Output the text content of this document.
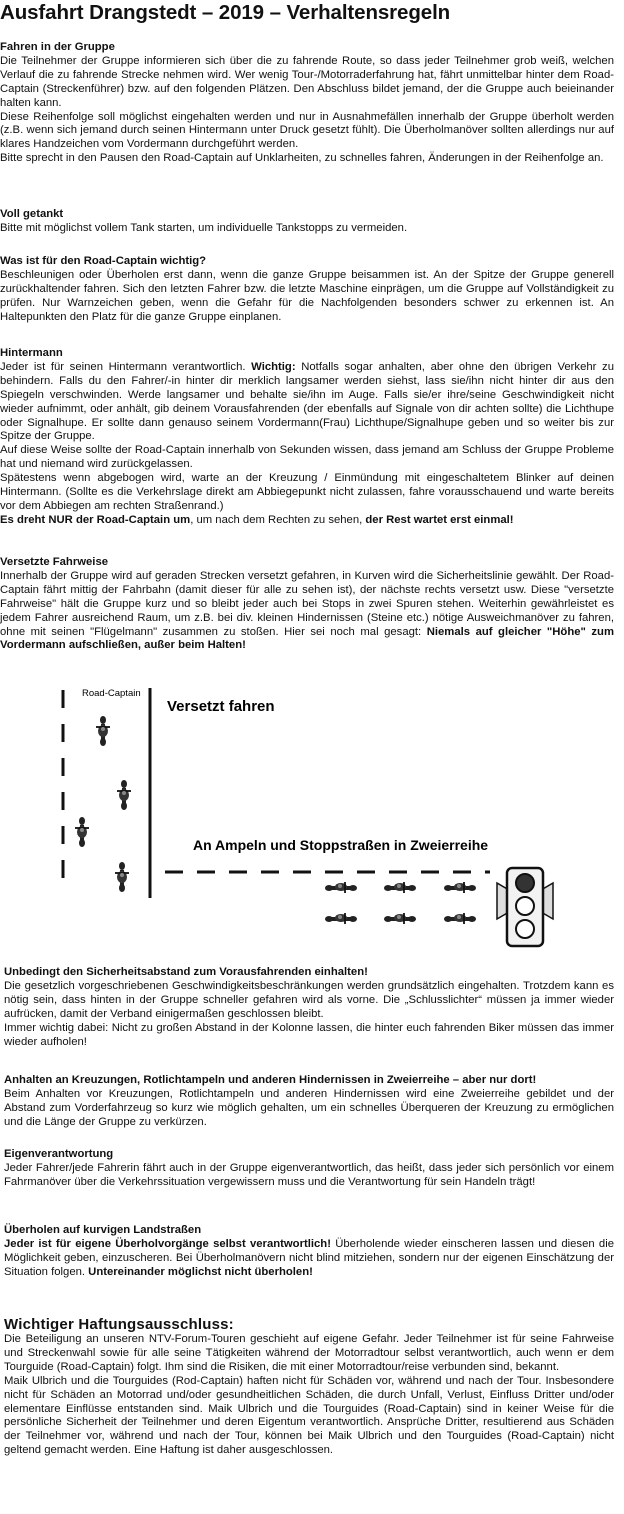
Ausfahrt Drangstedt – 2019 – Verhaltensregeln
Fahren in der Gruppe

Die Teilnehmer der Gruppe informieren sich über die zu fahrende Route, so dass jeder Teilnehmer grob weiß, welchen Verlauf die zu fahrende Strecke nehmen wird. Wer wenig Tour-/Motorraderfahrung hat, fährt unmittelbar hinter dem Road-Captain (Streckenführer) bzw. auf den folgenden Plätzen. Den Abschluss bildet jemand, der die Gruppe auch beieinander halten kann.

Diese Reihenfolge soll möglichst eingehalten werden und nur in Ausnahmefällen innerhalb der Gruppe überholt werden (z.B. wenn sich jemand durch seinen Hintermann unter Druck gesetzt fühlt). Die Überholmanöver sollten allerdings nur auf klares Handzeichen vom Vordermann durchgeführt werden.

Bitte sprecht in den Pausen den Road-Captain auf Unklarheiten, zu schnelles fahren, Änderungen in der Reihenfolge an.

Voll getankt

Bitte mit möglichst vollem Tank starten, um individuelle Tankstopps zu vermeiden.

Was ist für den Road-Captain wichtig?

Beschleunigen oder Überholen erst dann, wenn die ganze Gruppe beisammen ist. An der Spitze der Gruppe generell zurückhaltender fahren. Sich den letzten Fahrer bzw. die letzte Maschine einprägen, um die Gruppe auf Vollständigkeit zu prüfen. Nur Warnzeichen geben, wenn die Gefahr für die Nachfolgenden besonders schwer zu erkennen ist. An Haltepunkten den Platz für die ganze Gruppe einplanen.

Hintermann

Jeder ist für seinen Hintermann verantwortlich. Wichtig: Notfalls sogar anhalten, aber ohne den übrigen Verkehr zu behindern. Falls du den Fahrer/-in hinter dir merklich langsamer werden siehst, lass sie/ihn nicht hinter dir aus den Spiegeln verschwinden. Werde langsamer und behalte sie/ihn im Auge. Falls sie/er ihre/seine Geschwindigkeit nicht wieder aufnimmt, oder anhält, gib deinem Vorausfahrenden (der ebenfalls auf Signale von dir achten sollte) die Lichthupe oder Signalhupe. Er sollte dann genauso seinem Vordermann(Frau) Lichthupe/Signalhupe geben und so weiter bis zur Spitze der Gruppe.

Auf diese Weise sollte der Road-Captain innerhalb von Sekunden wissen, dass jemand am Schluss der Gruppe Probleme hat und niemand wird zurückgelassen.

Spätestens wenn abgebogen wird, warte an der Kreuzung / Einmündung mit eingeschaltetem Blinker auf deinen Hintermann. (Sollte es die Verkehrslage direkt am Abbiegepunkt nicht zulassen, fahre vorausschauend und warte bereits vor dem Abbiegen am rechten Straßenrand.)

Es dreht NUR der Road-Captain um, um nach dem Rechten zu sehen, der Rest wartet erst einmal!

Versetzte Fahrweise

Innerhalb der Gruppe wird auf geraden Strecken versetzt gefahren, in Kurven wird die Sicherheitslinie gewählt. Der Road-Captain fährt mittig der Fahrbahn (damit dieser für alle zu sehen ist), der nächste rechts versetzt usw. Diese "versetzte Fahrweise" hält die Gruppe kurz und so bleibt jeder auch bei Stops in zwei Spuren stehen. Weiterhin gewährleistet es jedem Fahrer ausreichend Raum, um z.B. bei div. kleinen Hindernissen (Steine etc.) nötige Ausweichmanöver zu fahren, ohne mit seinen "Flügelmann" zusammen zu stoßen. Hier sei noch mal gesagt: Niemals auf gleicher "Höhe" zum Vordermann aufschließen, außer beim Halten!

Road-Captain
Versetzt fahren
An Ampeln und Stoppstraßen in Zweierreihe
Unbedingt den Sicherheitsabstand zum Vorausfahrenden einhalten!

Die gesetzlich vorgeschriebenen Geschwindigkeitsbeschränkungen werden grundsätzlich eingehalten. Trotzdem kann es nötig sein, dass hinten in der Gruppe schneller gefahren wird als vorne. Die „Schlusslichter“ müssen ja immer wieder aufrücken, damit der Verband einigermaßen geschlossen bleibt.

Immer wichtig dabei: Nicht zu großen Abstand in der Kolonne lassen, die hinter euch fahrenden Biker müssen das immer wieder aufholen!

Anhalten an Kreuzungen, Rotlichtampeln und anderen Hindernissen in Zweierreihe – aber nur dort!

Beim Anhalten vor Kreuzungen, Rotlichtampeln und anderen Hindernissen wird eine Zweierreihe gebildet und der Abstand zum Vorderfahrzeug so kurz wie möglich gehalten, um ein schnelles Überqueren der Kreuzung zu ermöglichen und die Länge der Gruppe zu verkürzen.

Eigenverantwortung

Jeder Fahrer/jede Fahrerin fährt auch in der Gruppe eigenverantwortlich, das heißt, dass jeder sich persönlich vor einem Fahrmanöver über die Verkehrssituation vergewissern muss und die Verantwortung für sein Handeln trägt!

Überholen auf kurvigen Landstraßen

Jeder ist für eigene Überholvorgänge selbst verantwortlich! Überholende wieder einscheren lassen und diesen die Möglichkeit geben, einzuscheren. Bei Überholmanövern nicht blind mitziehen, sondern nur der eigenen Einschätzung der Situation folgen. Untereinander möglichst nicht überholen!

Wichtiger Haftungsausschluss:

Die Beteiligung an unseren NTV-Forum-Touren geschieht auf eigene Gefahr. Jeder Teilnehmer ist für seine Fahrweise und Streckenwahl sowie für alle seine Tätigkeiten während der Motorradtour selbst verantwortlich, auch wenn er dem Tourguide (Road-Captain) folgt. Ihm sind die Risiken, die mit einer Motorradtour/reise verbunden sind, bekannt.

Maik Ulbrich und die Tourguides (Rod-Captain) haften nicht für Schäden vor, während und nach der Tour. Insbesondere nicht für Schäden an Motorrad und/oder gesundheitlichen Schäden, die durch Unfall, Verlust, Einfluss Dritter und/oder elementare Einflüsse entstanden sind. Maik Ulbrich und die Tourguides (Road-Captain) sind in keiner Weise für die persönliche Sicherheit der Teilnehmer und deren Eigentum verantwortlich. Ansprüche Dritter, resultierend aus Schäden der Teilnehmer vor, während und nach der Tour, können bei Maik Ulbrich und den Tourguides (Road-Captain) nicht geltend gemacht werden. Eine Haftung ist daher ausgeschlossen.
